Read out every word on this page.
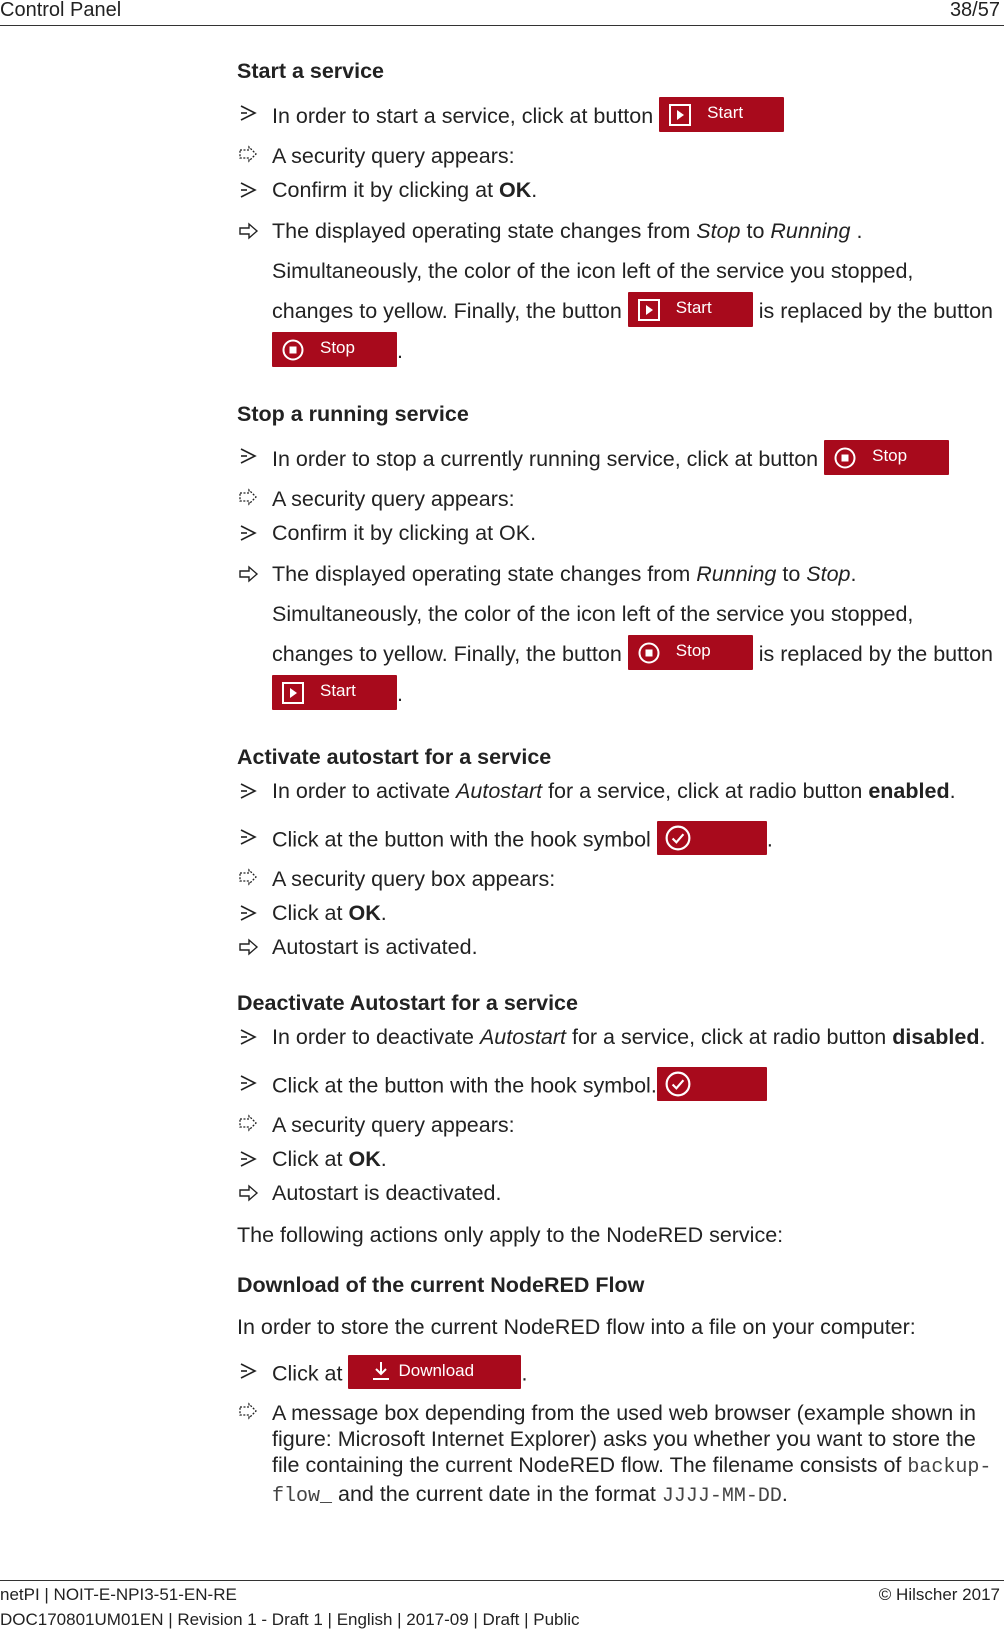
Control Panel	38/57
Start a service
In order to start a service, click at button	Start
A security query appears:
Confirm it by clicking at OK.
The displayed operating state changes from Stop to Running . Simultaneously, the color of the icon left of the service you stopped, changes to yellow. Finally, the button	Start is replaced by the button
Stop .
Stop a running service
In order to stop a currently running service, click at button	Stop
A security query appears:
Confirm it by clicking at OK.
The displayed operating state changes from Running to Stop. Simultaneously, the color of the icon left of the service you stopped, changes to yellow. Finally, the button	Stop is replaced by the button
Start .
Activate autostart for a service
In order to activate Autostart for a service, click at radio button enabled.
Click at the button with the hook symbol	.
A security query box appears:
Click at OK.
Autostart is activated.
Deactivate Autostart for a service
In order to deactivate Autostart for a service, click at radio button disabled.
Click at the button with the hook symbol.
A security query appears:
Click at OK.
Autostart is deactivated.

The following actions only apply to the NodeRED service:

Download of the current NodeRED Flow

In order to store the current NodeRED flow into a file on your computer:

Click at	Download .
A message box depending from the used web browser (example shown in figure: Microsoft Internet Explorer) asks you whether you want to store the file containing the current NodeRED flow. The filename consists of backup-flow_ and the current date in the format JJJJ-MM-DD.
netPI | NOIT-E-NPI3-51-EN-RE	© Hilscher 2017
DOC170801UM01EN | Revision 1 - Draft 1 | English | 2017-09 | Draft | Public
